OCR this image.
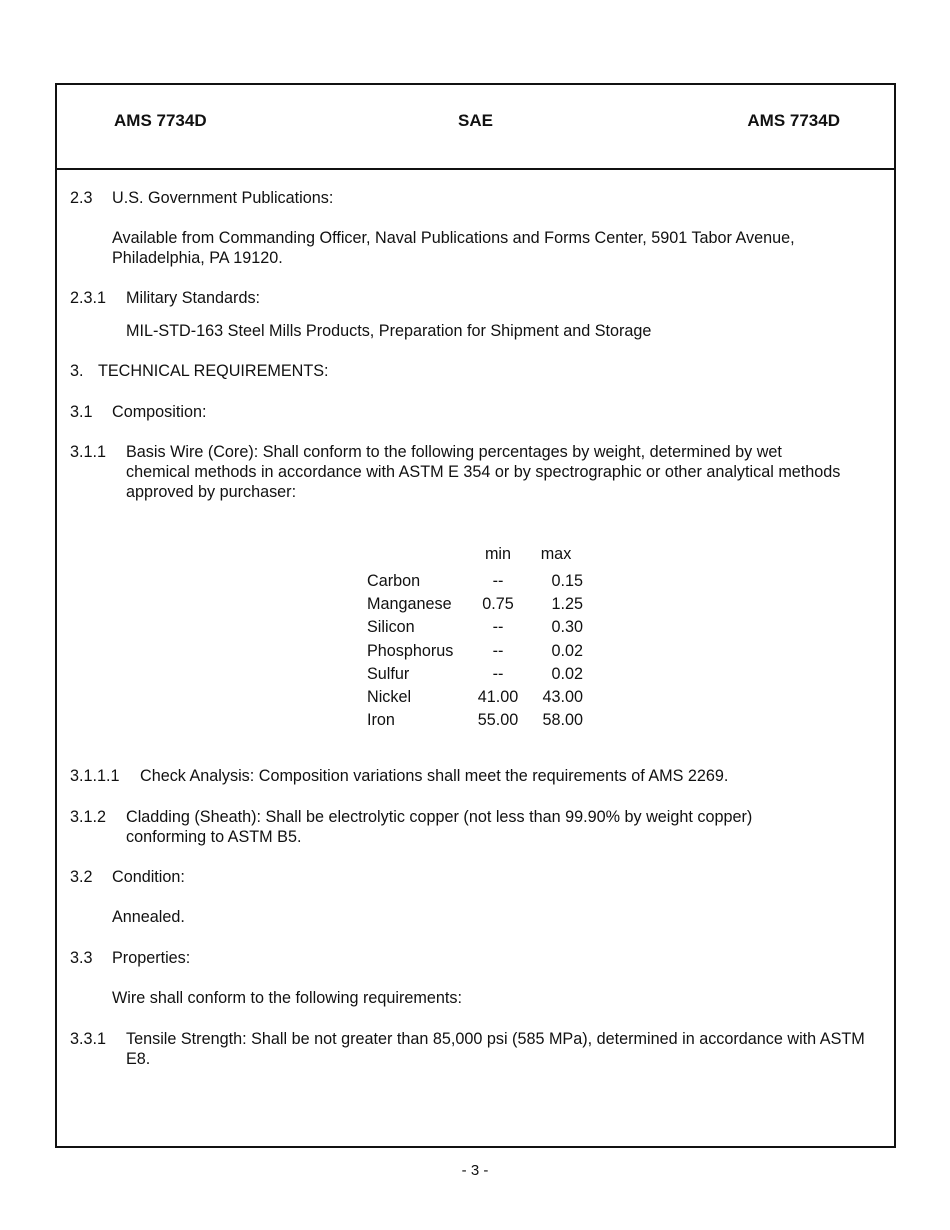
AMS 7734D	SAE	AMS 7734D
2.3 U.S. Government Publications:
Available from Commanding Officer, Naval Publications and Forms Center, 5901 Tabor Avenue, Philadelphia, PA 19120.
2.3.1 Military Standards:
MIL-STD-163 Steel Mills Products, Preparation for Shipment and Storage
3. TECHNICAL REQUIREMENTS:
3.1 Composition:
3.1.1 Basis Wire (Core): Shall conform to the following percentages by weight, determined by wet chemical methods in accordance with ASTM E 354 or by spectrographic or other analytical methods approved by purchaser:
	min	max
Carbon	--	0.15
Manganese	0.75	1.25
Silicon	--	0.30
Phosphorus	--	0.02
Sulfur	--	0.02
Nickel	41.00	43.00
Iron	55.00	58.00
3.1.1.1 Check Analysis: Composition variations shall meet the requirements of AMS 2269.
3.1.2 Cladding (Sheath): Shall be electrolytic copper (not less than 99.90% by weight copper) conforming to ASTM B5.
3.2 Condition:
Annealed.
3.3 Properties:
Wire shall conform to the following requirements:
3.3.1 Tensile Strength: Shall be not greater than 85,000 psi (585 MPa), determined in accordance with ASTM E8.
- 3 -
